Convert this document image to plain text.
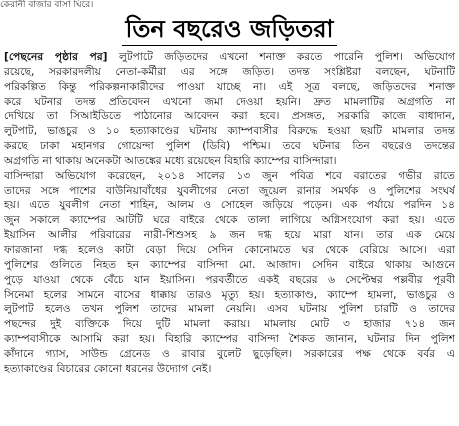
কেরানী বাজার বাসা ঘিরে।
তিন বছরেও জড়িতরা
[পেছনের পৃষ্ঠার পর] লুটপাটে জড়িতদের এখনো শনাক্ত করতে পারেনি পুলিশ। অভিযোগ
রয়েছে, সরকারদলীয় নেতা-কর্মীরা এর সঙ্গে জড়িত। তদন্ত সংশ্লিষ্টরা বলছেন, ঘটনাটি
পরিকল্পিত কিন্তু পরিকল্পনাকারীদের পাওয়া যাচ্ছে না। এই সূত্র বলছে, জড়িতদের শনাক্ত
করে ঘটনার তদন্ত প্রতিবেদন এখনো জমা দেওয়া হয়নি। দ্রুত মামলাটির অগ্রগতি না
দেখিয়ে তা সিআইডিতে পাঠানোর আবেদন করা হবে। প্রসঙ্গত, সরকারি কাজে বাধাদান,
লুটপাট, ভাঙচুর ও ১০ হত্যাকাণ্ডের ঘটনায় ক্যাম্পবাসীর বিরুদ্ধে হওয়া ছয়টি মামলার তদন্ত
করছে ঢাকা মহানগর গোয়েন্দা পুলিশ (ডিবি) পশ্চিম। তবে ঘটনার তিন বছরেও তদন্তের
অগ্রগতি না থাকায় অনেকটা আতঙ্কের মধ্যে রয়েছেন বিহারি ক্যাম্পের বাসিন্দারা।
বাসিন্দারা অভিযোগ করেছেন, ২০১৪ সালের ১৩ জুন পবিত্র শবে বরাতের গভীর রাতে
তাদের সঙ্গে পাশের বাউনিয়াবাঁধের যুবলীগের নেতা জুয়েল রানার সমর্থক ও পুলিশের সংঘর্ষ
হয়। এতে যুবলীগ নেতা শাহিন, আলম ও সোহেল জড়িয়ে পড়েন। এক পর্যায়ে পরদিন ১৪
জুন সকালে ক্যাম্পের আটটি ঘরে বাইরে থেকে তালা লাগিয়ে অগ্নিসংযোগ করা হয়। এতে
ইয়াসিন আলীর পরিবারের নারী-শিশুসহ ৯ জন দগ্ধ হয়ে মারা যান। তার এক মেয়ে
ফারজানা দগ্ধ হলেও কাটা বেড়া দিয়ে সেদিন কোনোমতে ঘর থেকে বেরিয়ে আসে। এরা
পুলিশের গুলিতে নিহত হন ক্যাম্পের বাসিন্দা মো. আজাদ। সেদিন বাইরে থাকায় আগুনে
পুড়ে যাওয়া থেকে বেঁচে যান ইয়াসিন। পরবর্তীতে একই বছরের ৬ সেপ্টেম্বর পল্লবীর পূরবী
সিনেমা হলের সামনে বাসের ধাক্কায় তারও মৃত্যু হয়। হত্যাকাণ্ড, ক্যাম্পে হামলা, ভাঙচুর ও
লুটপাট হলেও তখন পুলিশ তাদের মামলা নেয়নি। এসব ঘটনায় পুলিশ চারটি ও তাদের
পছন্দের দুই ব্যক্তিকে দিয়ে দুটি মামলা করায়। মামলায় মোট ৩ হাজার ৭১৪ জন
ক্যাম্পবাসীকে আসামি করা হয়। বিহারি ক্যাম্পের বাসিন্দা শৈকত জানান, ঘটনার দিন পুলিশ
কাঁদানে গ্যাস, সাউন্ড গ্রেনেড ও রাবার বুলেট ছুড়েছিল। সরকারের পক্ষ থেকে বর্বর এ
হত্যাকাণ্ডের বিচারের কোনো ধরনের উদ্যোগ নেই।
